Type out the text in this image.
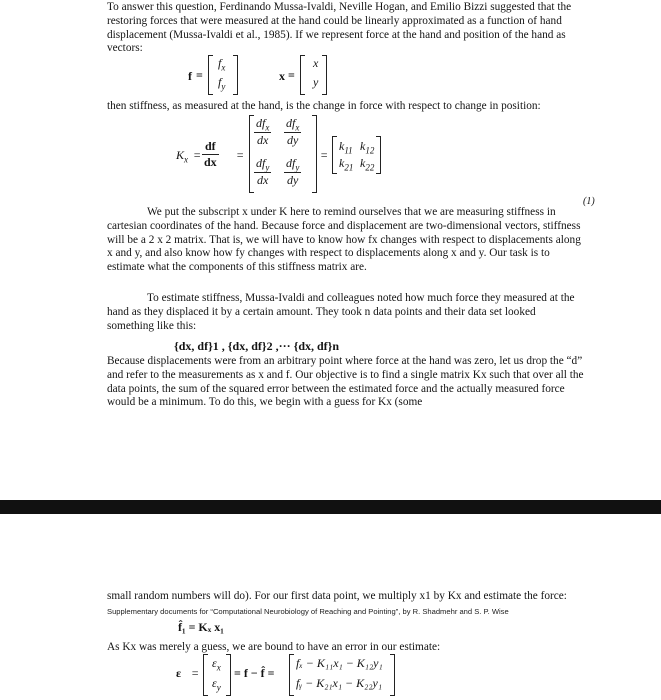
To answer this question, Ferdinando Mussa-Ivaldi, Neville Hogan, and Emilio Bizzi suggested that the restoring forces that were measured at the hand could be linearly approximated as a function of hand displacement (Mussa-Ivaldi et al., 1985). If we represent force at the hand and position of the hand as vectors:

f =
$f_x$
$f_y$
x =
x
y

then stiffness, as measured at the hand, is the change in force with respect to change in position:

$K_x = \frac{df}{dx}$ =
$df_x$
dx
$df_x$
dy
$df_y$
dx
$df_y$
dy
=
$k_{11}$ $k_{12}$
$k_{21}$ $k_{22}$
(1)

We put the subscript x under K here to remind ourselves that we are measuring stiffness in cartesian coordinates of the hand. Because force and displacement are two-dimensional vectors, stiffness will be a 2 x 2 matrix. That is, we will have to know how fx changes with respect to displacements along x and y, and also know how fy changes with respect to displacements along x and y. Our task is to estimate what the components of this stiffness matrix are.

To estimate stiffness, Mussa-Ivaldi and colleagues noted how much force they measured at the hand as they displaced it by a certain amount. They took n data points and their data set looked something like this:

{dx, df}1 , {dx, df}2 ,··· {dx, df}n

Because displacements were from an arbitrary point where force at the hand was zero, let us drop the “d” and refer to the measurements as x and f. Our objective is to find a single matrix Kx such that over all the data points, the sum of the squared error between the estimated force and the actually measured force would be a minimum. To do this, we begin with a guess for Kx (some

Supplementary documents for “Computational Neurobiology of Reaching and Pointing”, by R. Shadmehr and S. P. Wise

small random numbers will do). For our first data point, we multiply x1 by Kx and estimate the force:

f̂₁ = Kₓ x₁

As Kx was merely a guess, we are bound to have an error in our estimate:

ε =
$\varepsilon_x$
$\varepsilon_y$
= f − f̂ =
fₓ − K₁₁x₁ − K₁₂y₁
fᵧ − K₂₁x₁ − K₂₂y₁
